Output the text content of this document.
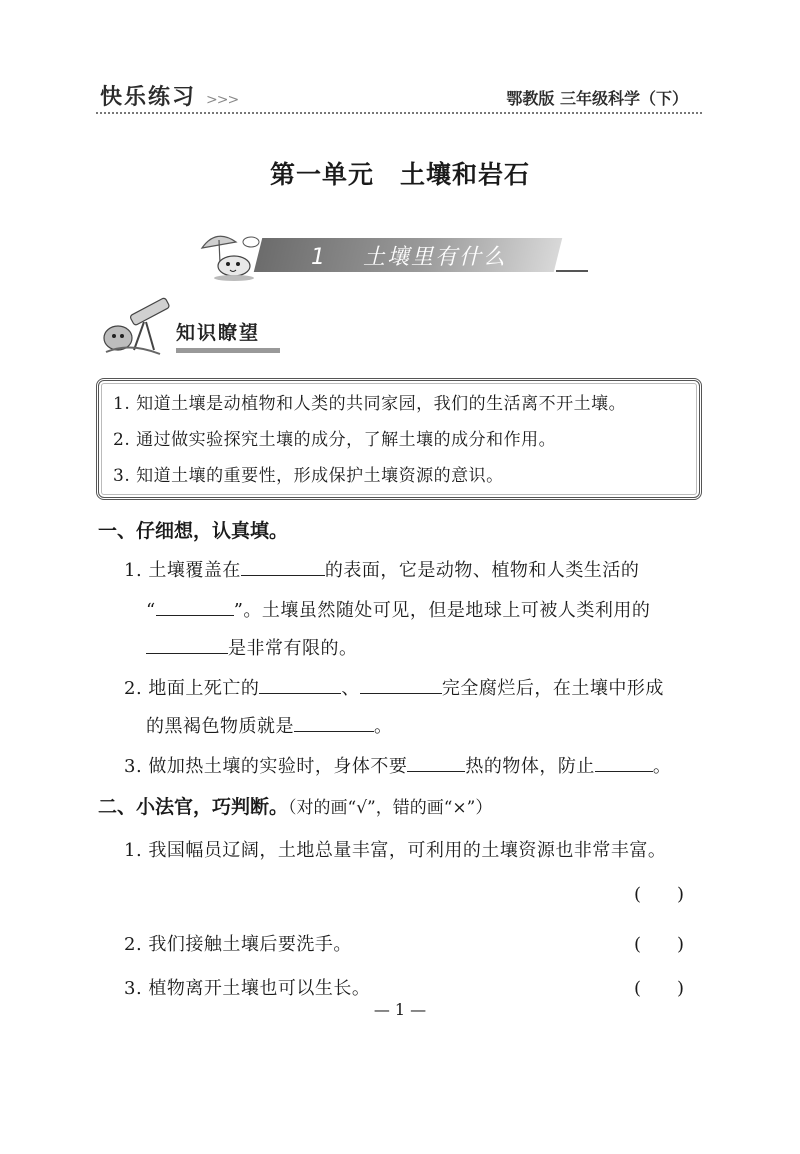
快乐练习 >>>	鄂教版 三年级科学（下）
第一单元　土壤和岩石
1 土壤里有什么
知识瞭望
1. 知道土壤是动植物和人类的共同家园，我们的生活离不开土壤。
2. 通过做实验探究土壤的成分，了解土壤的成分和作用。
3. 知道土壤的重要性，形成保护土壤资源的意识。
一、仔细想，认真填。
1. 土壤覆盖在	的表面，它是动物、植物和人类生活的
“	”。土壤虽然随处可见，但是地球上可被人类利用的
是非常有限的。
2. 地面上死亡的	、	完全腐烂后，在土壤中形成
的黑褐色物质就是	。
3. 做加热土壤的实验时，身体不要	热的物体，防止	。
二、小法官，巧判断。（对的画“√”，错的画“×”）
1. 我国幅员辽阔，土地总量丰富，可利用的土壤资源也非常丰富。
(　　)
2. 我们接触土壤后要洗手。	(　　)
3. 植物离开土壤也可以生长。	(　　)
— 1 —
